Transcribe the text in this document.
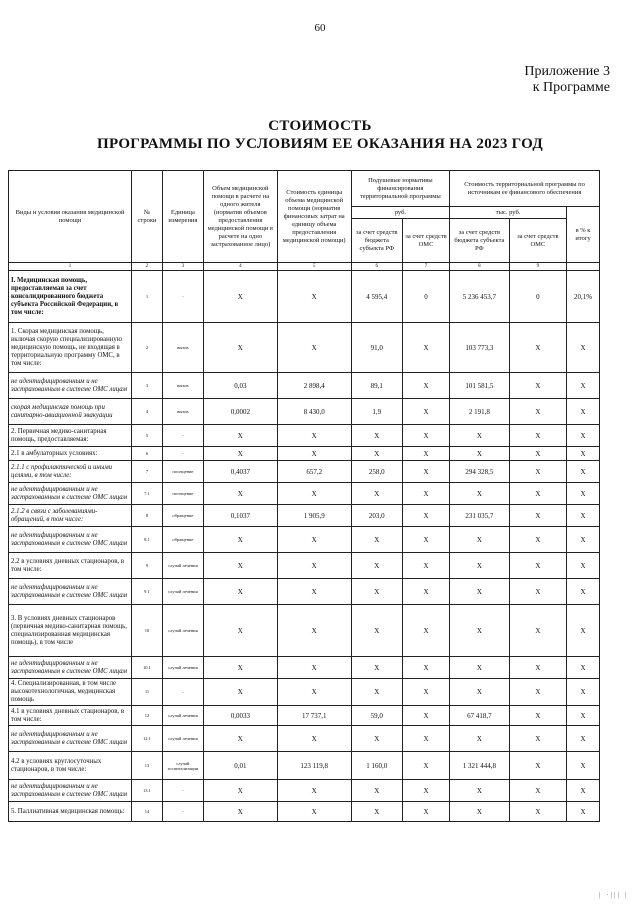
60
Приложение 3
к Программе
СТОИМОСТЬ
ПРОГРАММЫ ПО УСЛОВИЯМ ЕЕ ОКАЗАНИЯ НА 2023 ГОД
Виды и условия оказания медицинской помощи	№ строки	Единица измерения	Объем медицинской помощи в расчете на одного жителя (норматив объемов предоставления медицинской помощи в расчете на одно застрахованное лицо)	Стоимость единицы объема медицинской помощи (норматив финансовых затрат на единицу объема предоставления медицинской помощи)	Подушевые нормативы финансирования территориальной программы		Стоимость территориальной программы по источникам ее финансового обеспечения		
					руб.		тыс. руб.		в % к итогу
					за счет средств бюджета субъекта РФ	за счет средств ОМС	за счет средств бюджета субъекта РФ	за счет средств ОМС	
1	2	3	4	5	6	7	8	9	
I. Медицинская помощь, предоставляемая за счет консолидированного бюджета субъекта Российской Федерации, в том числе:	1	-	X	X	4 595,4	0	5 236 453,7	0	20,1%
1. Скорая медицинская помощь, включая скорую специализированную медицинскую помощь, не входящая в территориальную программу ОМС, в том числе:	2	вызов	X	X	91,0	X	103 773,3	X	X
не идентифицированным и не застрахованным в системе ОМС лицам	3	вызов	0,03	2 898,4	89,1	X	101 581,5	X	X
скорая медицинская помощь при санитарно-авиационной эвакуации	4	вызов	0,0002	8 430,0	1,9	X	2 191,8	X	X
2. Первичная медико-санитарная помощь, предоставляемая:	5	-	X	X	X	X	X	X	X
2.1 в амбулаторных условиях:	6	-	X	X	X	X	X	X	X
2.1.1 с профилактической и иными целями, в том числе:	7	посещение	0,4037	657,2	258,0	X	294 328,5	X	X
не идентифицированным и не застрахованным в системе ОМС лицам	7.1	посещение	X	X	X	X	X	X	X
2.1.2 в связи с заболеваниями-обращений, в том числе:	8	обращение	0,1037	1 905,9	203,0	X	231 035,7	X	X
не идентифицированным и не застрахованным в системе ОМС лицам	8.1	обращение	X	X	X	X	X	X	X
2.2 в условиях дневных стационаров, в том числе:	9	случай лечения	X	X	X	X	X	X	X
не идентифицированным и не застрахованным в системе ОМС лицам	9.1	случай лечения	X	X	X	X	X	X	X
3. В условиях дневных стационаров (первичная медико-санитарная помощь, специализированная медицинская помощь), в том числе	10	случай лечения	X	X	X	X	X	X	X
не идентифицированным и не застрахованным в системе ОМС лицам	10.1	случай лечения	X	X	X	X	X	X	X
4. Специализированная, в том числе высокотехнологичная, медицинская помощь	11	-	X	X	X	X	X	X	X
4.1 в условиях дневных стационаров, в том числе:	12	случай лечения	0,0033	17 737,1	59,0	X	67 418,7	X	X
не идентифицированным и не застрахованным в системе ОМС лицам	12.1	случай лечения	X	X	X	X	X	X	X
4.2 в условиях круглосуточных стационаров, в том числе:	13	случай госпитализации	0,01	123 119,8	1 160,0	X	1 321 444,8	X	X
не идентифицированным и не застрахованным в системе ОМС лицам	13.1	-	X	X	X	X	X	X	X
5. Паллиативная медицинская помощь:	14	-	X	X	X	X	X	X	X
| ·||| |
